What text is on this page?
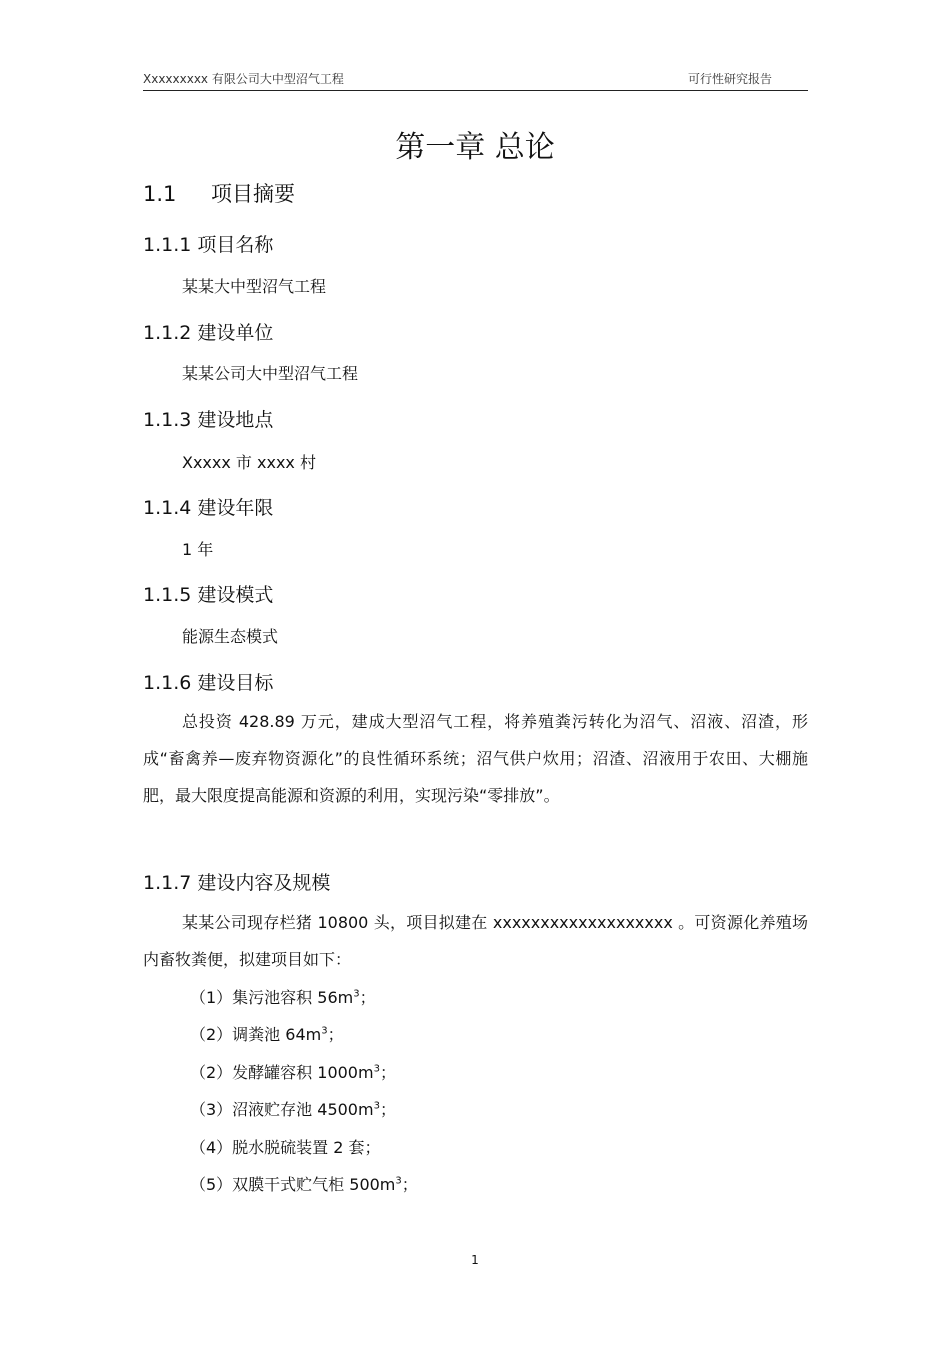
Xxxxxxxxx 有限公司大中型沼气工程	可行性研究报告
第一章 总论
1.1 项目摘要
1.1.1 项目名称
某某大中型沼气工程
1.1.2 建设单位
某某公司大中型沼气工程
1.1.3 建设地点
Xxxxx 市 xxxx 村
1.1.4 建设年限
1 年
1.1.5 建设模式
能源生态模式
1.1.6 建设目标
总投资 428.89 万元，建成大型沼气工程，将养殖粪污转化为沼气、沼液、沼渣，形成“畜禽养—废弃物资源化”的良性循环系统；沼气供户炊用；沼渣、沼液用于农田、大棚施肥，最大限度提高能源和资源的利用，实现污染“零排放”。
1.1.7 建设内容及规模
某某公司现存栏猪 10800 头，项目拟建在 xxxxxxxxxxxxxxxxxxx 。可资源化养殖场内畜牧粪便，拟建项目如下：
（1）集污池容积 $56m^3$；
（2）调粪池 $64m^3$；
（2）发酵罐容积 $1000m^3$；
（3）沼液贮存池 $4500m^3$；
（4）脱水脱硫装置 2 套；
（5）双膜干式贮气柜 $500m^3$；
1
